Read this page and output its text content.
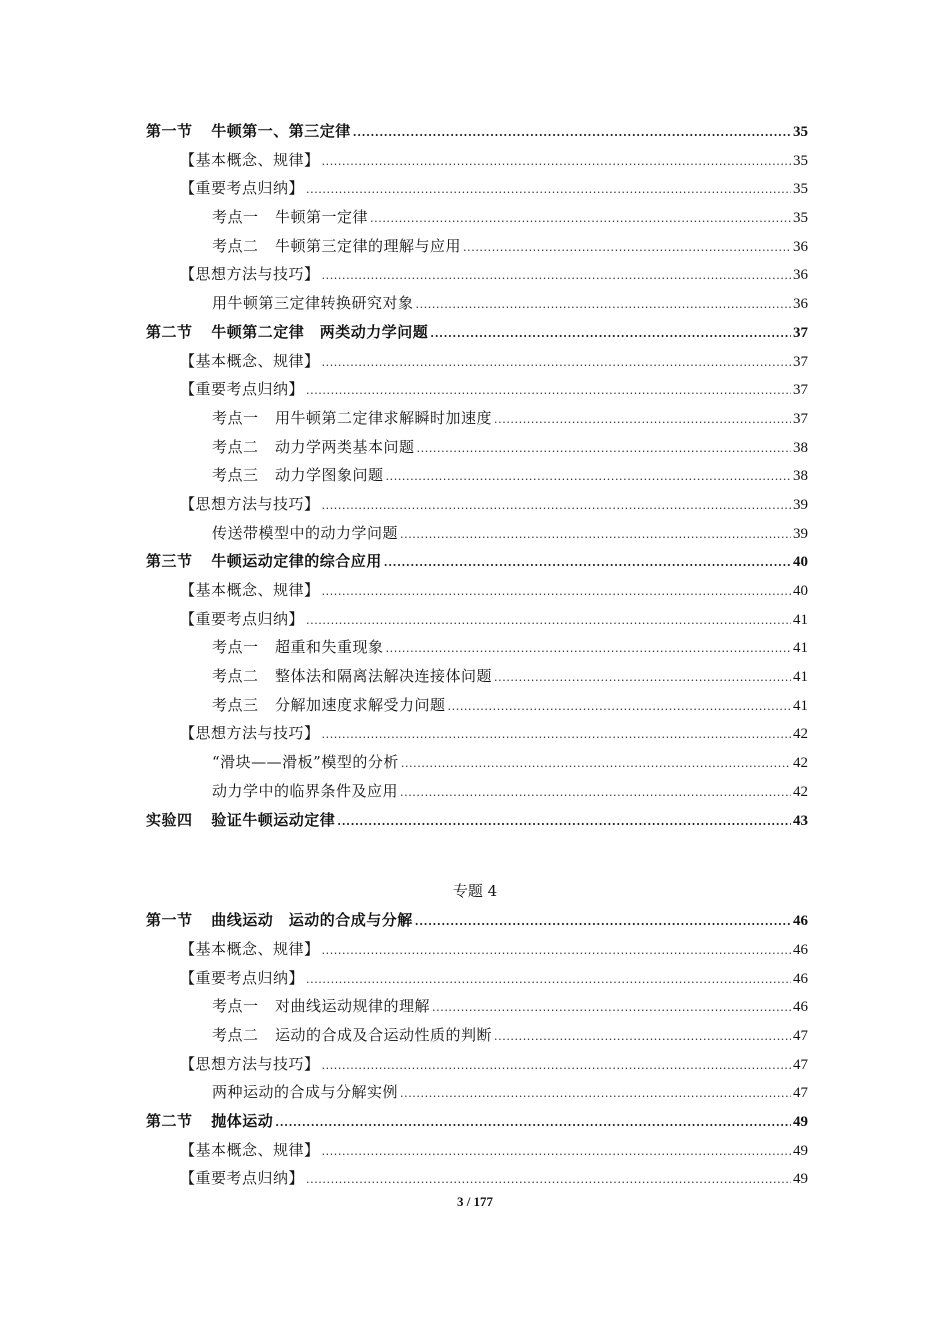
第一节 牛顿第一、第三定律 .....	35
【基本概念、规律】 .....	35
【重要考点归纳】 .....	35
考点一 牛顿第一定律 .....	35
考点二 牛顿第三定律的理解与应用 .....	36
【思想方法与技巧】 .....	36
用牛顿第三定律转换研究对象 .....	36
第二节 牛顿第二定律　两类动力学问题 .....	37
【基本概念、规律】 .....	37
【重要考点归纳】 .....	37
考点一 用牛顿第二定律求解瞬时加速度 .....	37
考点二 动力学两类基本问题 .....	38
考点三 动力学图象问题 .....	38
【思想方法与技巧】 .....	39
传送带模型中的动力学问题 .....	39
第三节 牛顿运动定律的综合应用 .....	40
【基本概念、规律】 .....	40
【重要考点归纳】 .....	41
考点一 超重和失重现象 .....	41
考点二 整体法和隔离法解决连接体问题 .....	41
考点三 分解加速度求解受力问题 .....	41
【思想方法与技巧】 .....	42
“滑块——滑板”模型的分析 .....	42
动力学中的临界条件及应用 .....	42
实验四 验证牛顿运动定律 .....	43
专题 4
第一节 曲线运动　运动的合成与分解 .....	46
【基本概念、规律】 .....	46
【重要考点归纳】 .....	46
考点一 对曲线运动规律的理解 .....	46
考点二 运动的合成及合运动性质的判断 .....	47
【思想方法与技巧】 .....	47
两种运动的合成与分解实例 .....	47
第二节 抛体运动 .....	49
【基本概念、规律】 .....	49
【重要考点归纳】 .....	49
3 / 177
